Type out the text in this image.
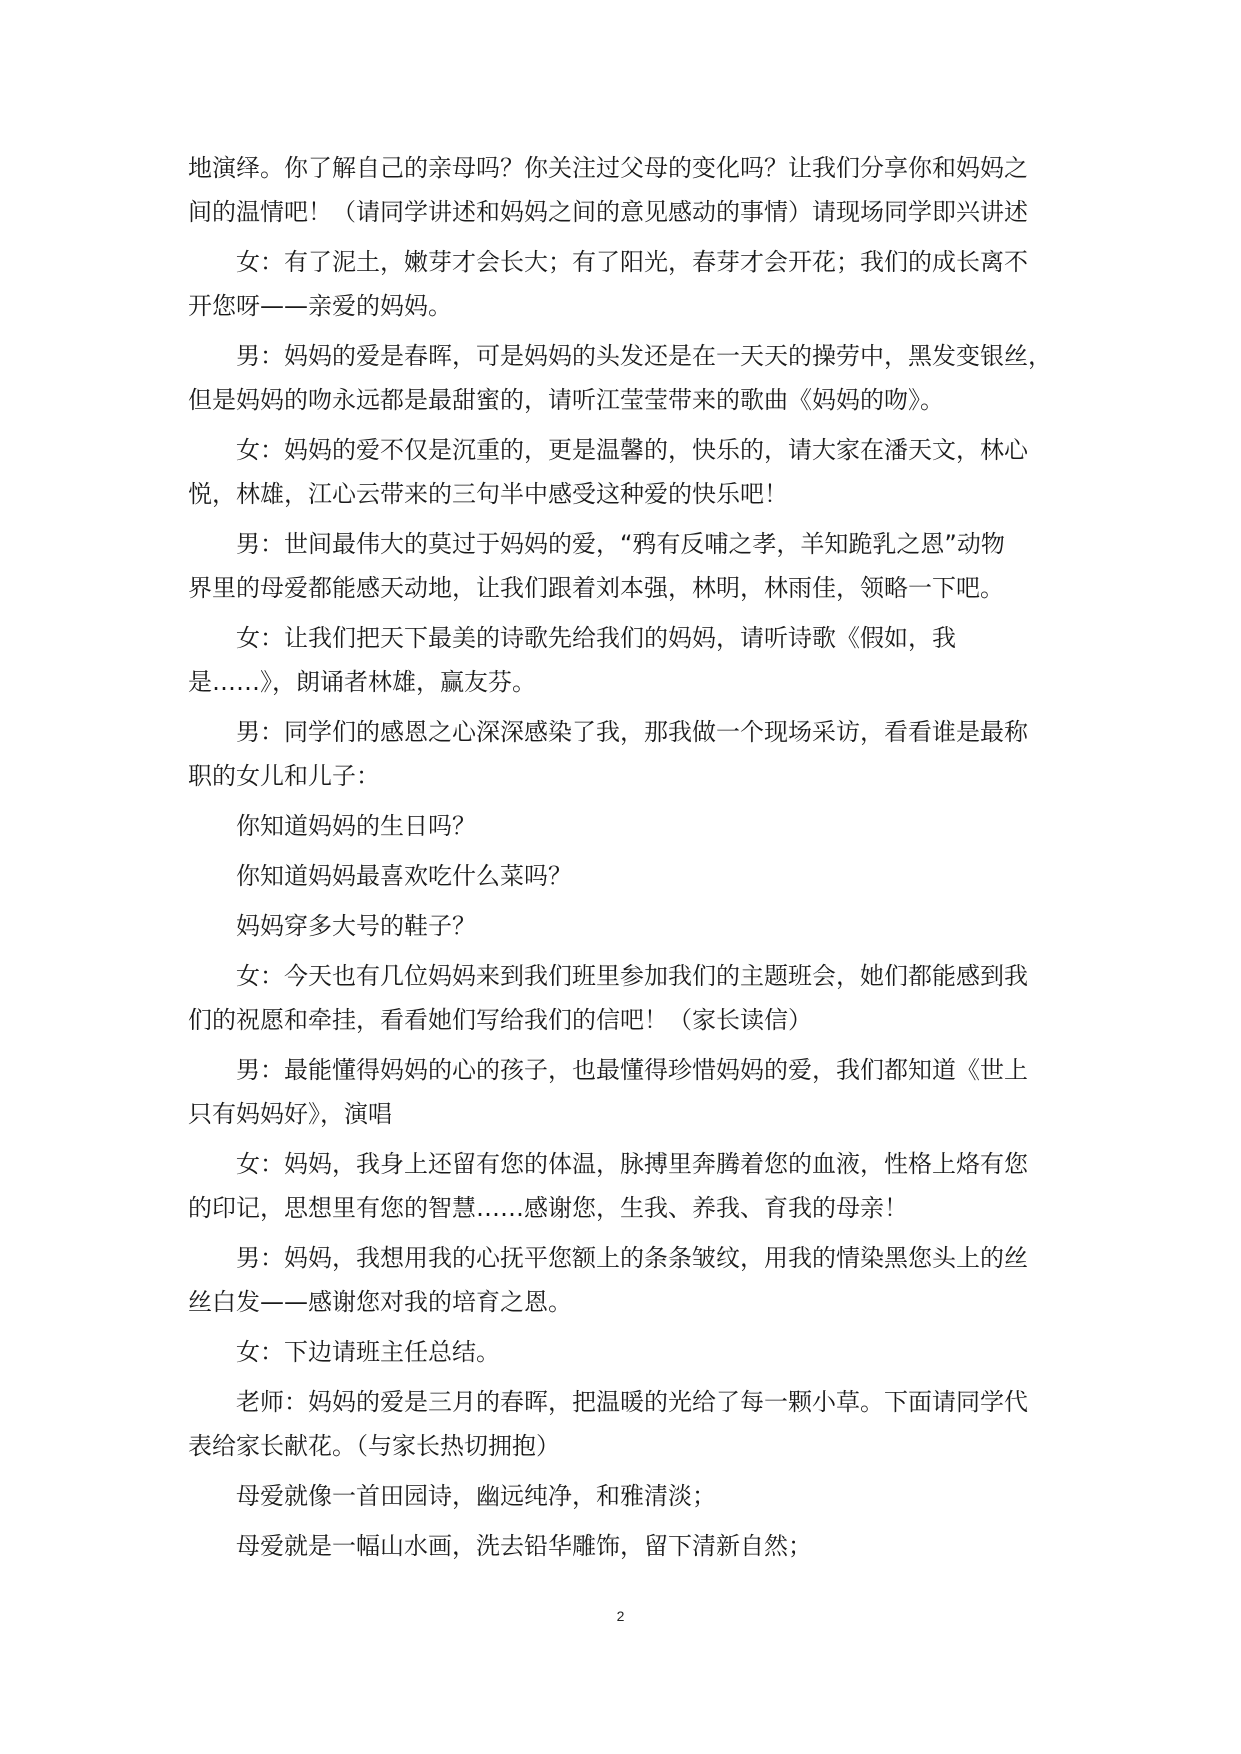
地演绎。你了解自己的亲母吗？你关注过父母的变化吗？让我们分享你和妈妈之
间的温情吧！（请同学讲述和妈妈之间的意见感动的事情）请现场同学即兴讲述
女：有了泥土，嫩芽才会长大；有了阳光，春芽才会开花；我们的成长离不
开您呀——亲爱的妈妈。
男：妈妈的爱是春晖，可是妈妈的头发还是在一天天的操劳中，黑发变银丝，
但是妈妈的吻永远都是最甜蜜的，请听江莹莹带来的歌曲《妈妈的吻》。
女：妈妈的爱不仅是沉重的，更是温馨的，快乐的，请大家在潘天文，林心
悦，林雄，江心云带来的三句半中感受这种爱的快乐吧！
男：世间最伟大的莫过于妈妈的爱，“鸦有反哺之孝，羊知跪乳之恩”动物
界里的母爱都能感天动地，让我们跟着刘本强，林明，林雨佳，领略一下吧。
女：让我们把天下最美的诗歌先给我们的妈妈，请听诗歌《假如，我
是……》，朗诵者林雄，赢友芬。
男：同学们的感恩之心深深感染了我，那我做一个现场采访，看看谁是最称
职的女儿和儿子：
你知道妈妈的生日吗？
你知道妈妈最喜欢吃什么菜吗？
妈妈穿多大号的鞋子？
女：今天也有几位妈妈来到我们班里参加我们的主题班会，她们都能感到我
们的祝愿和牵挂，看看她们写给我们的信吧！（家长读信）
男：最能懂得妈妈的心的孩子，也最懂得珍惜妈妈的爱，我们都知道《世上
只有妈妈好》，演唱
女：妈妈，我身上还留有您的体温，脉搏里奔腾着您的血液，性格上烙有您
的印记，思想里有您的智慧……感谢您，生我、养我、育我的母亲！
男：妈妈，我想用我的心抚平您额上的条条皱纹，用我的情染黑您头上的丝
丝白发——感谢您对我的培育之恩。
女：下边请班主任总结。
老师：妈妈的爱是三月的春晖，把温暖的光给了每一颗小草。下面请同学代
表给家长献花。（与家长热切拥抱）
母爱就像一首田园诗，幽远纯净，和雅清淡；
母爱就是一幅山水画，洗去铅华雕饰，留下清新自然；
2
